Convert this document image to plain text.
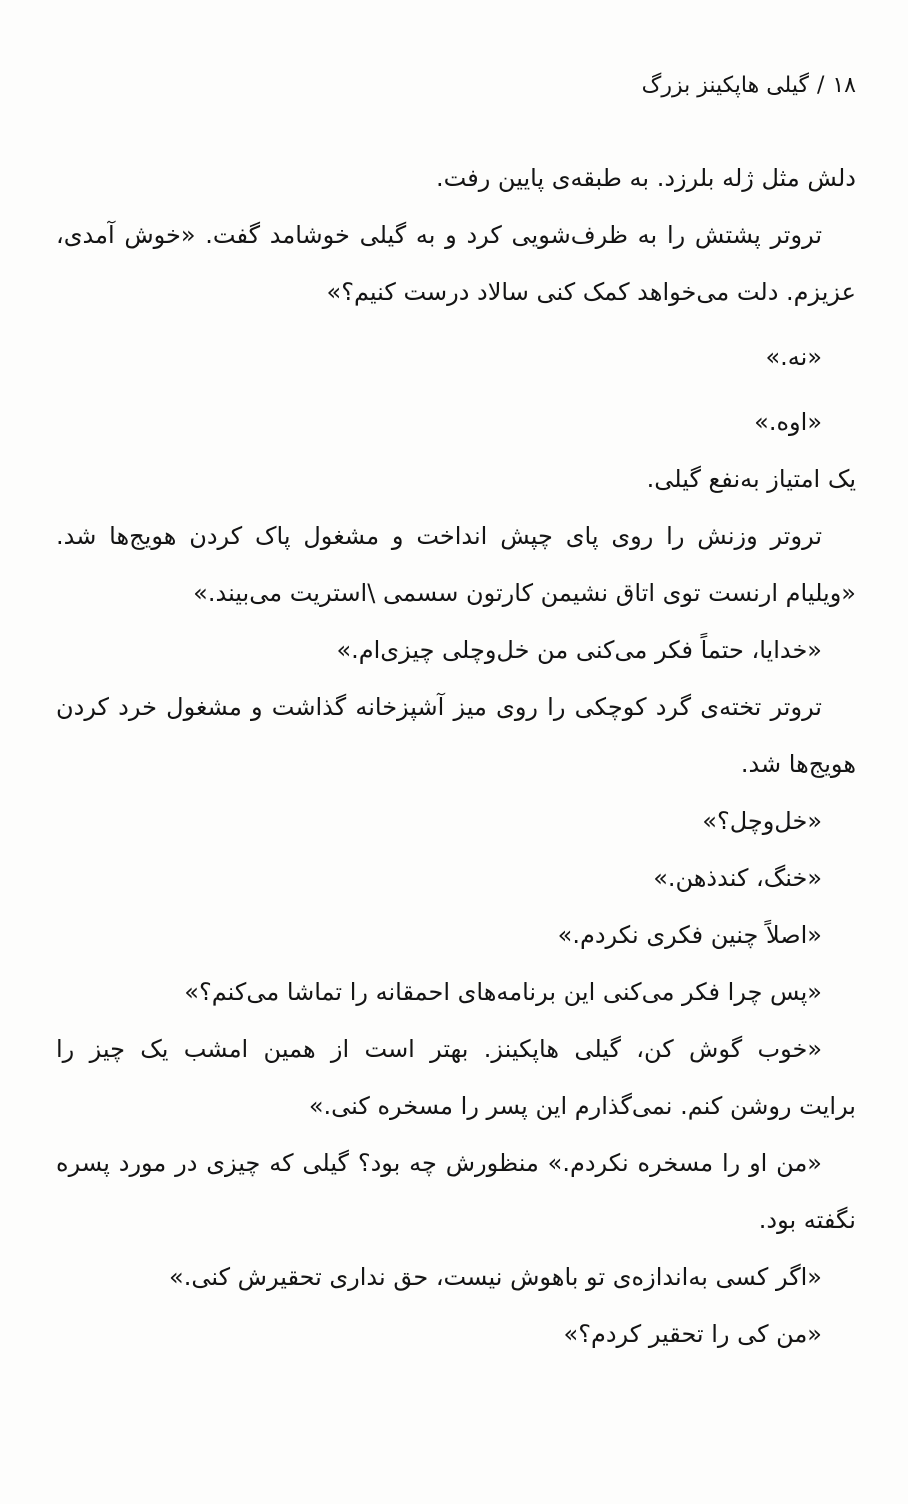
۱۸/گیلی هاپکینز بزرگ
دلش مثل ژله بلرزد. به طبقه‌ی پایین رفت.
تروتر پشتش را به ظرف‌شویی کرد و به گیلی خوشامد گفت. «خوش آمدی،
عزیزم. دلت می‌خواهد کمک کنی سالاد درست کنیم؟»
«نه.»
«اوه.»
یک امتیاز به‌نفع گیلی.
تروتر وزنش را روی پای چپش انداخت و مشغول پاک کردن هویج‌ها شد.
«ویلیام ارنست توی اتاق نشیمن کارتون سسمی \استریت می‌بیند.»
«خدایا، حتماً فکر می‌کنی من خل‌وچلی چیزی‌ام.»
تروتر تخته‌ی گرد کوچکی را روی میز آشپزخانه گذاشت و مشغول خرد کردن
هویج‌ها شد.
«خل‌وچل؟»
«خنگ، کندذهن.»
«اصلاً چنین فکری نکردم.»
«پس چرا فکر می‌کنی این برنامه‌های احمقانه را تماشا می‌کنم؟»
«خوب گوش کن، گیلی هاپکینز. بهتر است از همین امشب یک چیز را
برایت روشن کنم. نمی‌گذارم این پسر را مسخره کنی.»
«من او را مسخره نکردم.» منظورش چه بود؟ گیلی که چیزی در مورد پسره
نگفته بود.
«اگر کسی به‌اندازه‌ی تو باهوش نیست، حق نداری تحقیرش کنی.»
«من کی را تحقیر کردم؟»
